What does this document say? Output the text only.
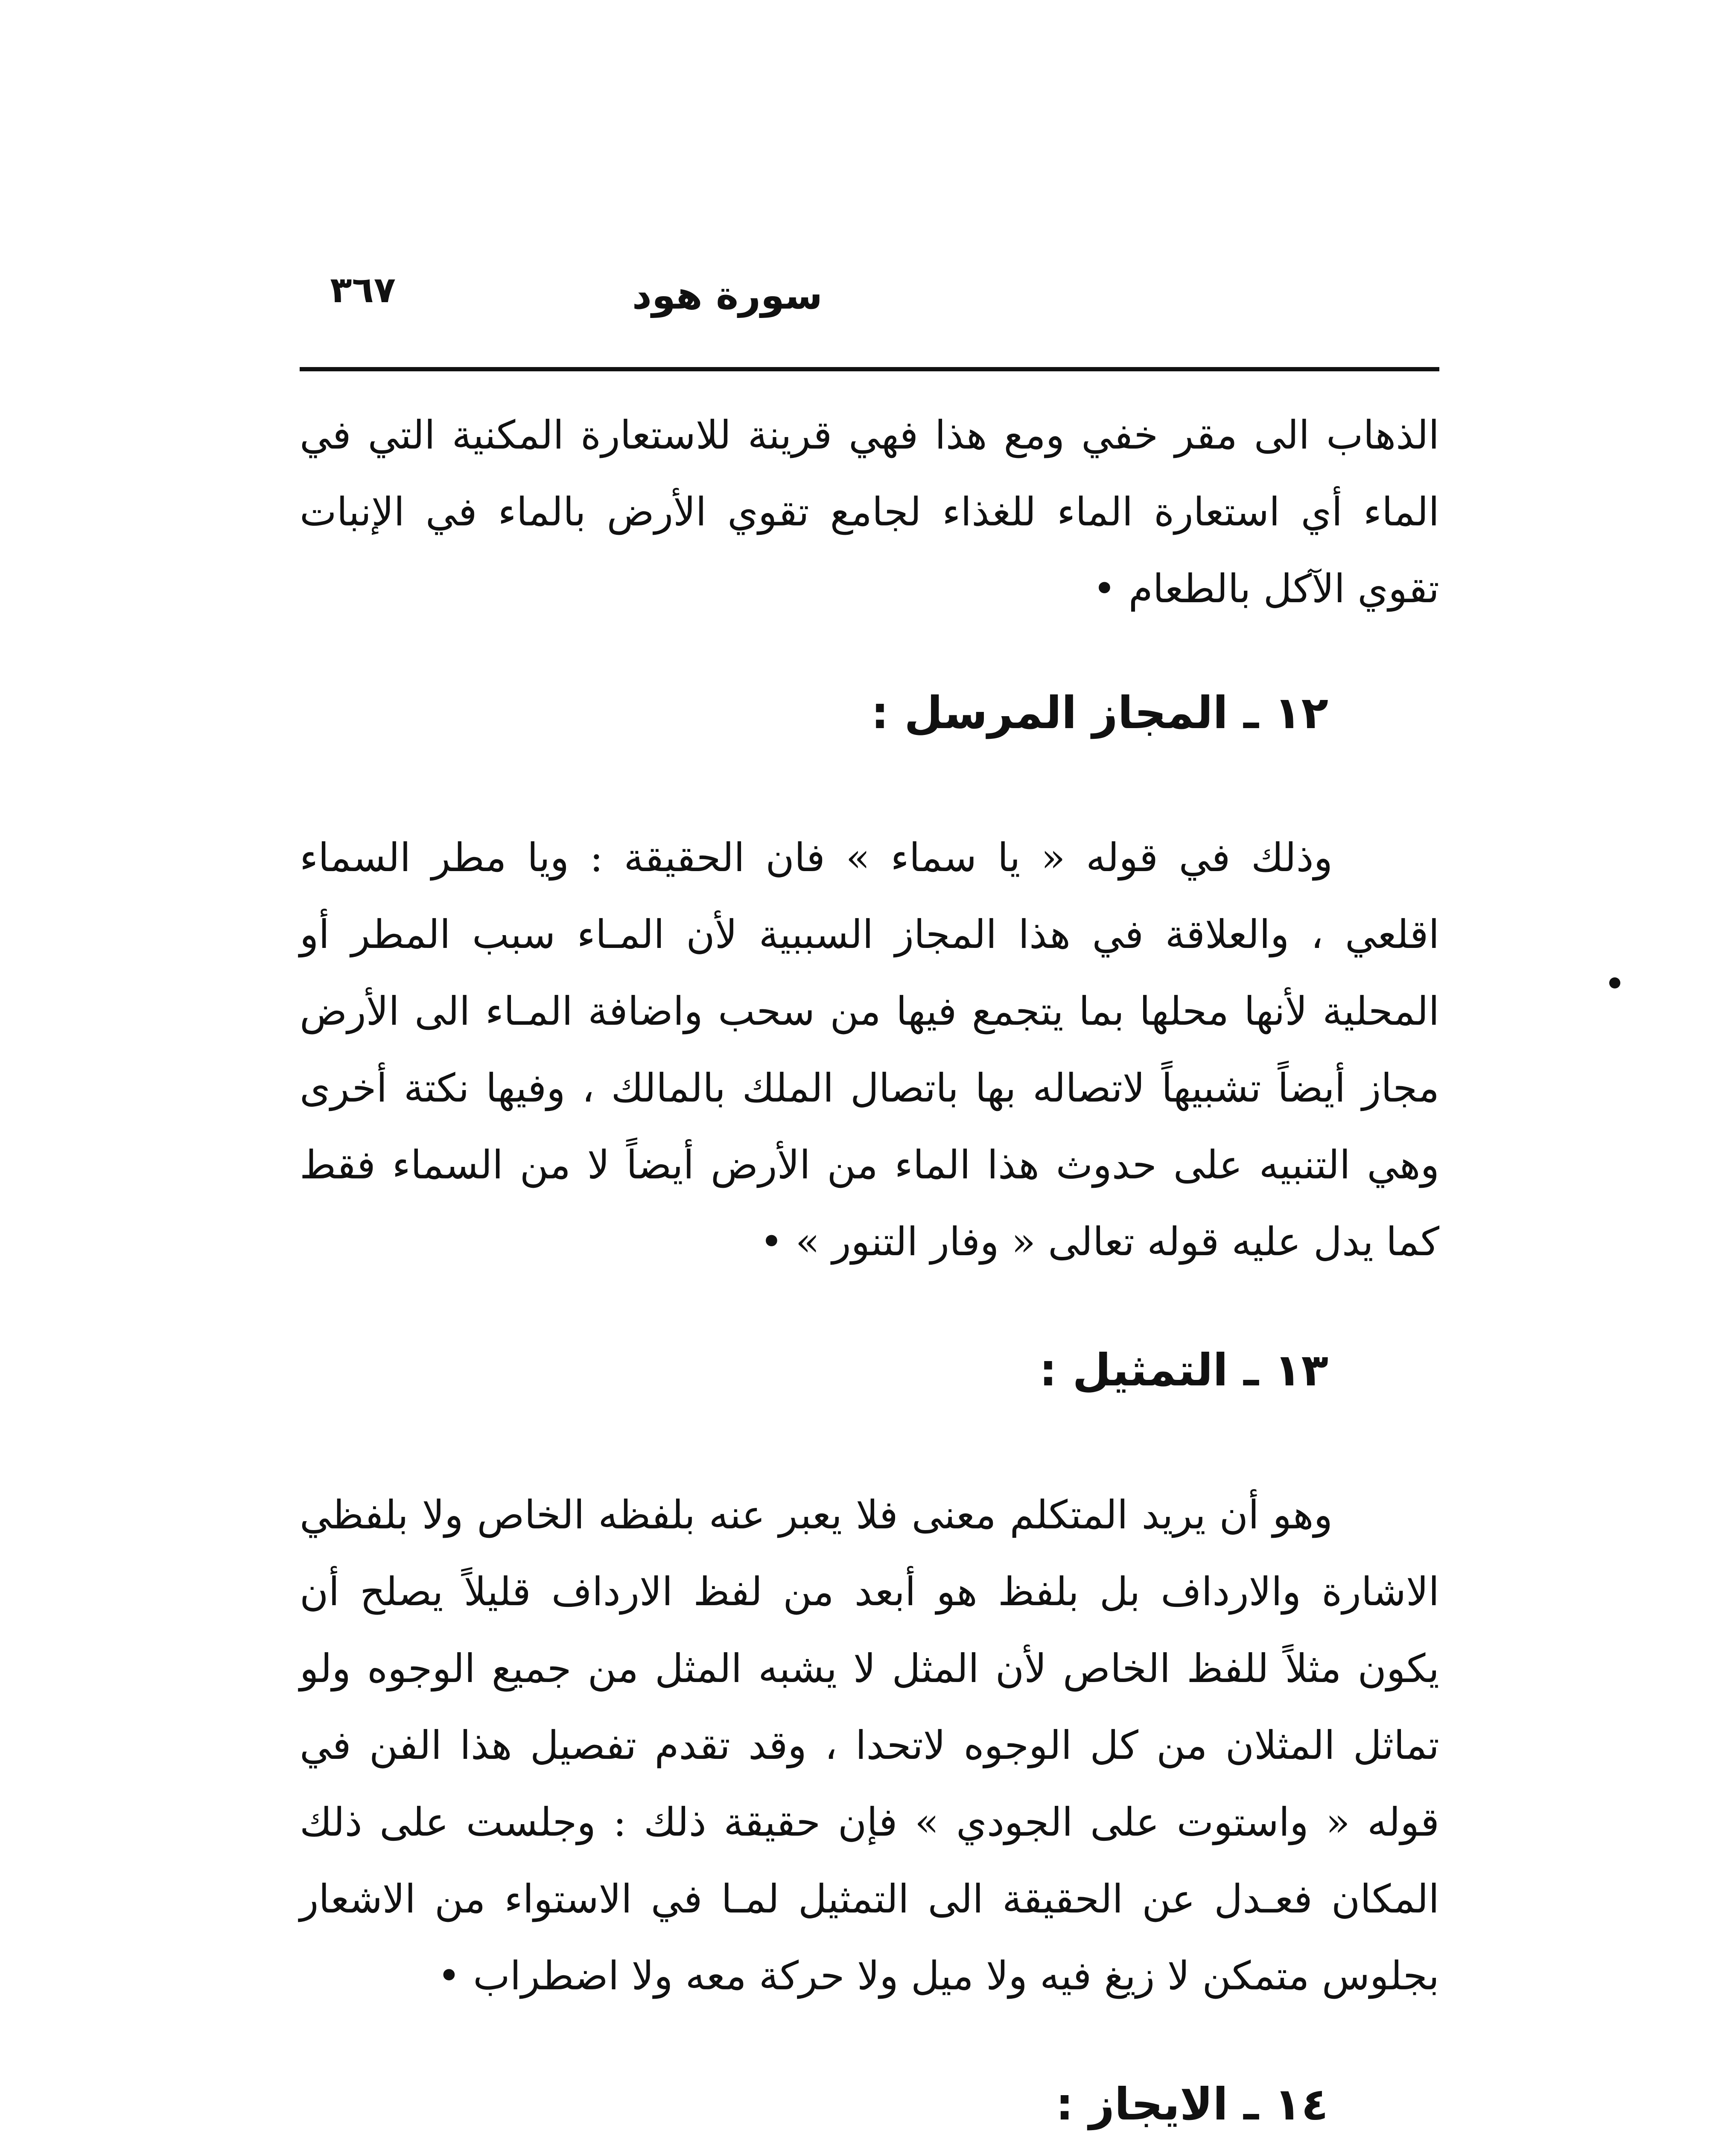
سورة هود
٣٦٧

الذهاب الى مقر خفي ومع هذا فهي قرينة للاستعارة المكنية التي في الماء أي استعارة الماء للغذاء لجامع تقوي الأرض بالماء في الإنبات تقوي الآكل بالطعام •

١٢ ـ المجاز المرسل :

وذلك في قوله « يا سماء » فان الحقيقة : ويا مطر السماء اقلعي ، والعلاقة في هذا المجاز السببية لأن المـاء سبب المطر أو المحلية لأنها محلها بما يتجمع فيها من سحب واضافة المـاء الى الأرض مجاز أيضاً تشبيهاً لاتصاله بها باتصال الملك بالمالك ، وفيها نكتة أخرى وهي التنبيه على حدوث هذا الماء من الأرض أيضاً لا من السماء فقط كما يدل عليه قوله تعالى « وفار التنور » •

١٣ ـ التمثيل :

وهو أن يريد المتكلم معنى فلا يعبر عنه بلفظه الخاص ولا بلفظي الاشارة والارداف بل بلفظ هو أبعد من لفظ الارداف قليلاً يصلح أن يكون مثلاً للفظ الخاص لأن المثل لا يشبه المثل من جميع الوجوه ولو تماثل المثلان من كل الوجوه لاتحدا ، وقد تقدم تفصيل هذا الفن في قوله « واستوت على الجودي » فإن حقيقة ذلك : وجلست على ذلك المكان فعـدل عن الحقيقة الى التمثيل لمـا في الاستواء من الاشعار بجلوس متمكن لا زيغ فيه ولا ميل ولا حركة معه ولا اضطراب •

١٤ ـ الايجاز :
